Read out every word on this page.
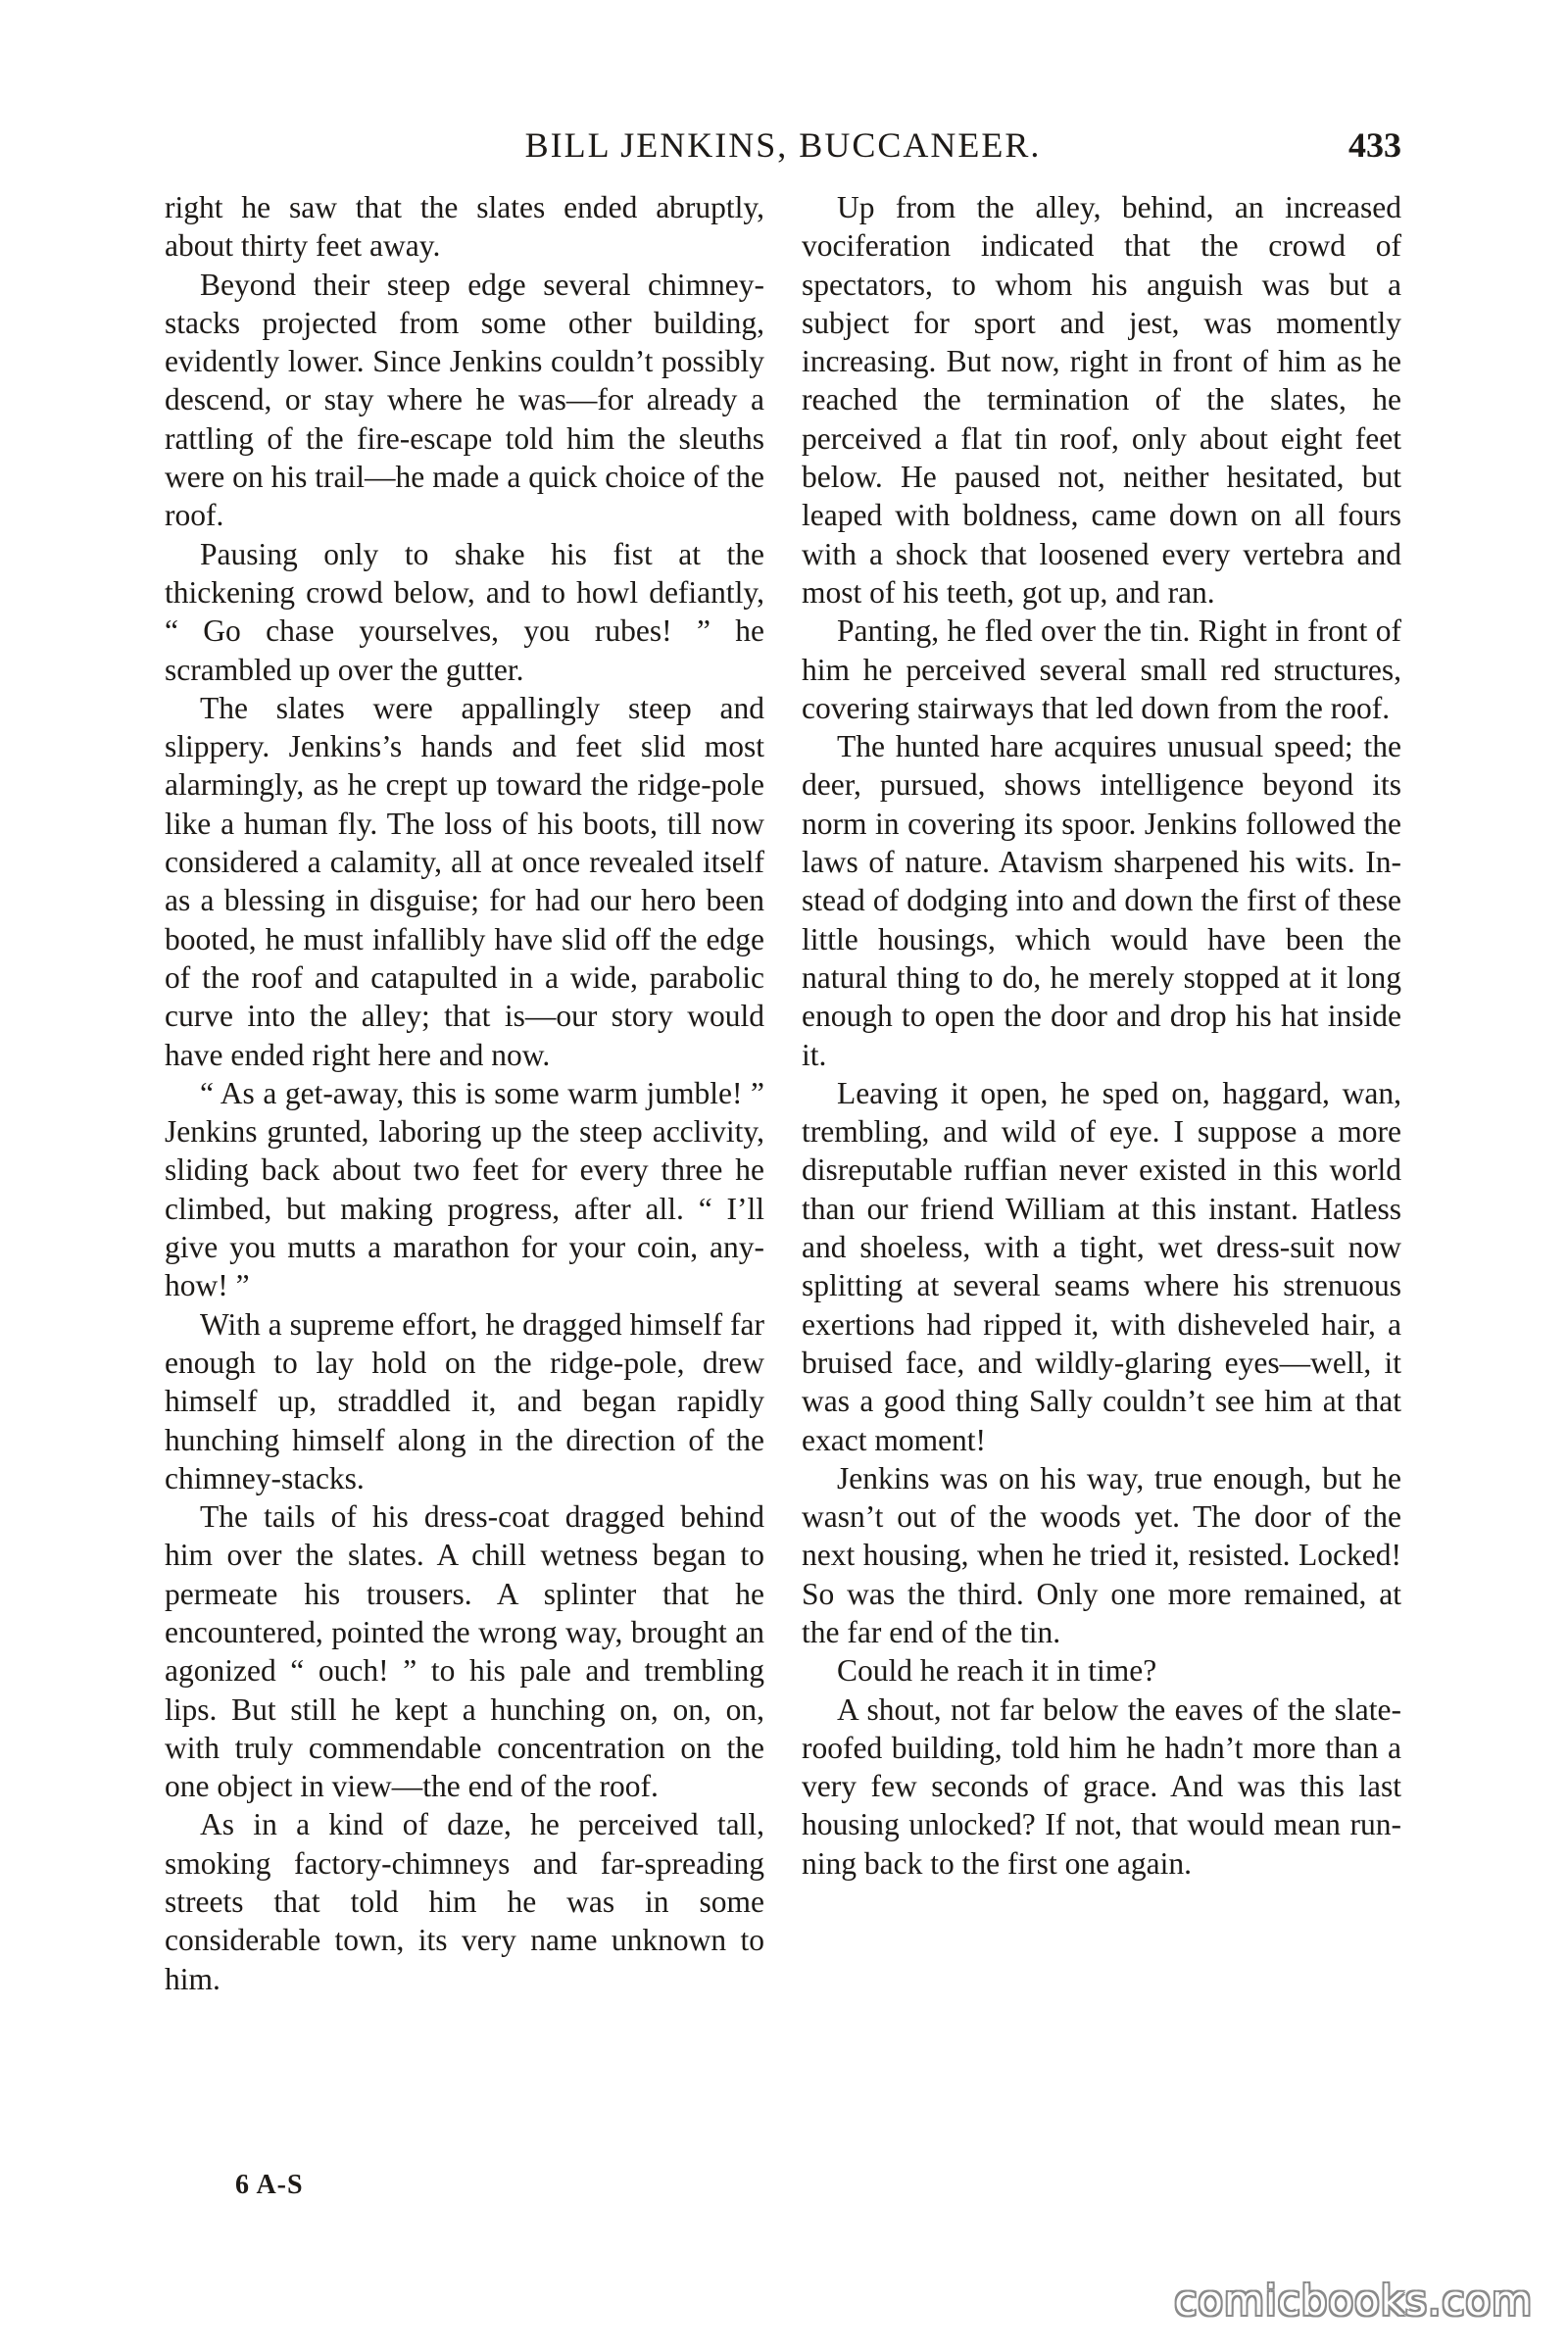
BILL JENKINS, BUCCANEER.	433

right he saw that the slates ended abruptly, about thirty feet away.

Beyond their steep edge several chimney-stacks projected from some other building, evidently lower. Since Jenkins couldn’t possibly descend, or stay where he was—for already a rattling of the fire-escape told him the sleuths were on his trail—he made a quick choice of the roof.

Pausing only to shake his fist at the thickening crowd below, and to howl defiantly, “ Go chase yourselves, you rubes! ” he scrambled up over the gutter.

The slates were appallingly steep and slippery. Jenkins’s hands and feet slid most alarmingly, as he crept up toward the ridge-pole like a human fly. The loss of his boots, till now considered a calamity, all at once revealed itself as a blessing in disguise; for had our hero been booted, he must infallibly have slid off the edge of the roof and catapulted in a wide, parabolic curve into the alley; that is—our story would have ended right here and now.

“ As a get-away, this is some warm jumble! ” Jenkins grunted, laboring up the steep acclivity, sliding back about two feet for every three he climbed, but making progress, after all. “ I’ll give you mutts a marathon for your coin, anyhow! ”

With a supreme effort, he dragged himself far enough to lay hold on the ridge-pole, drew himself up, straddled it, and began rapidly hunching himself along in the direction of the chimney-stacks.

The tails of his dress-coat dragged behind him over the slates. A chill wetness began to permeate his trousers. A splinter that he encountered, pointed the wrong way, brought an agonized “ ouch! ” to his pale and trembling lips. But still he kept a hunching on, on, on, with truly commendable concentration on the one object in view—the end of the roof.

As in a kind of daze, he perceived tall, smoking factory-chimneys and far-spreading streets that told him he was in some considerable town, its very name unknown to him.

Up from the alley, behind, an increased vociferation indicated that the crowd of spectators, to whom his anguish was but a subject for sport and jest, was momently increasing. But now, right in front of him as he reached the termination of the slates, he perceived a flat tin roof, only about eight feet below. He paused not, neither hesitated, but leaped with boldness, came down on all fours with a shock that loosened every vertebra and most of his teeth, got up, and ran.

Panting, he fled over the tin. Right in front of him he perceived several small red structures, covering stairways that led down from the roof.

The hunted hare acquires unusual speed; the deer, pursued, shows intelligence beyond its norm in covering its spoor. Jenkins followed the laws of nature. Atavism sharpened his wits. Instead of dodging into and down the first of these little housings, which would have been the natural thing to do, he merely stopped at it long enough to open the door and drop his hat inside it.

Leaving it open, he sped on, haggard, wan, trembling, and wild of eye. I suppose a more disreputable ruffian never existed in this world than our friend William at this instant. Hatless and shoeless, with a tight, wet dress-suit now splitting at several seams where his strenuous exertions had ripped it, with disheveled hair, a bruised face, and wildly-glaring eyes—well, it was a good thing Sally couldn’t see him at that exact moment!

Jenkins was on his way, true enough, but he wasn’t out of the woods yet. The door of the next housing, when he tried it, resisted. Locked! So was the third. Only one more remained, at the far end of the tin.

Could he reach it in time?

A shout, not far below the eaves of the slate-roofed building, told him he hadn’t more than a very few seconds of grace. And was this last housing unlocked? If not, that would mean running back to the first one again.

6 A-S
comicbooks.com
